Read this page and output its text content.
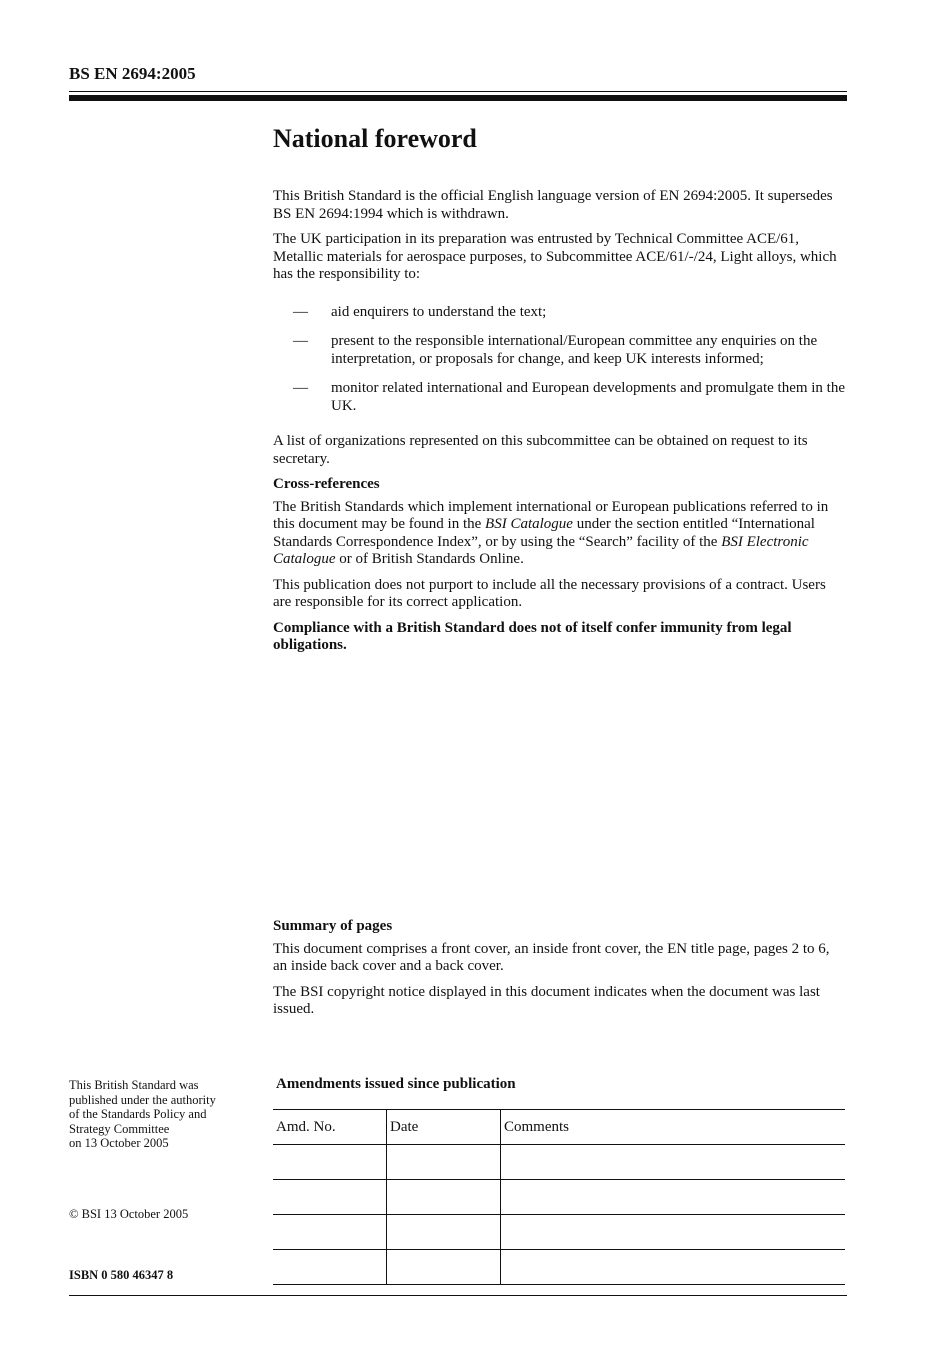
BS EN 2694:2005
National foreword

This British Standard is the official English language version of EN 2694:2005. It supersedes BS EN 2694:1994 which is withdrawn.

The UK participation in its preparation was entrusted by Technical Committee ACE/61, Metallic materials for aerospace purposes, to Subcommittee ACE/61/-/24, Light alloys, which has the responsibility to:

— aid enquirers to understand the text;
— present to the responsible international/European committee any enquiries on the interpretation, or proposals for change, and keep UK interests informed;
— monitor related international and European developments and promulgate them in the UK.

A list of organizations represented on this subcommittee can be obtained on request to its secretary.

Cross-references

The British Standards which implement international or European publications referred to in this document may be found in the BSI Catalogue under the section entitled “International Standards Correspondence Index”, or by using the “Search” facility of the BSI Electronic Catalogue or of British Standards Online.

This publication does not purport to include all the necessary provisions of a contract. Users are responsible for its correct application.

Compliance with a British Standard does not of itself confer immunity from legal obligations.

Summary of pages

This document comprises a front cover, an inside front cover, the EN title page, pages 2 to 6, an inside back cover and a back cover.

The BSI copyright notice displayed in this document indicates when the document was last issued.

This British Standard was
published under the authority
of the Standards Policy and
Strategy Committee
on 13 October 2005
© BSI 13 October 2005
ISBN 0 580 46347 8
Amendments issued since publication
Amd. No.	Date	Comments
